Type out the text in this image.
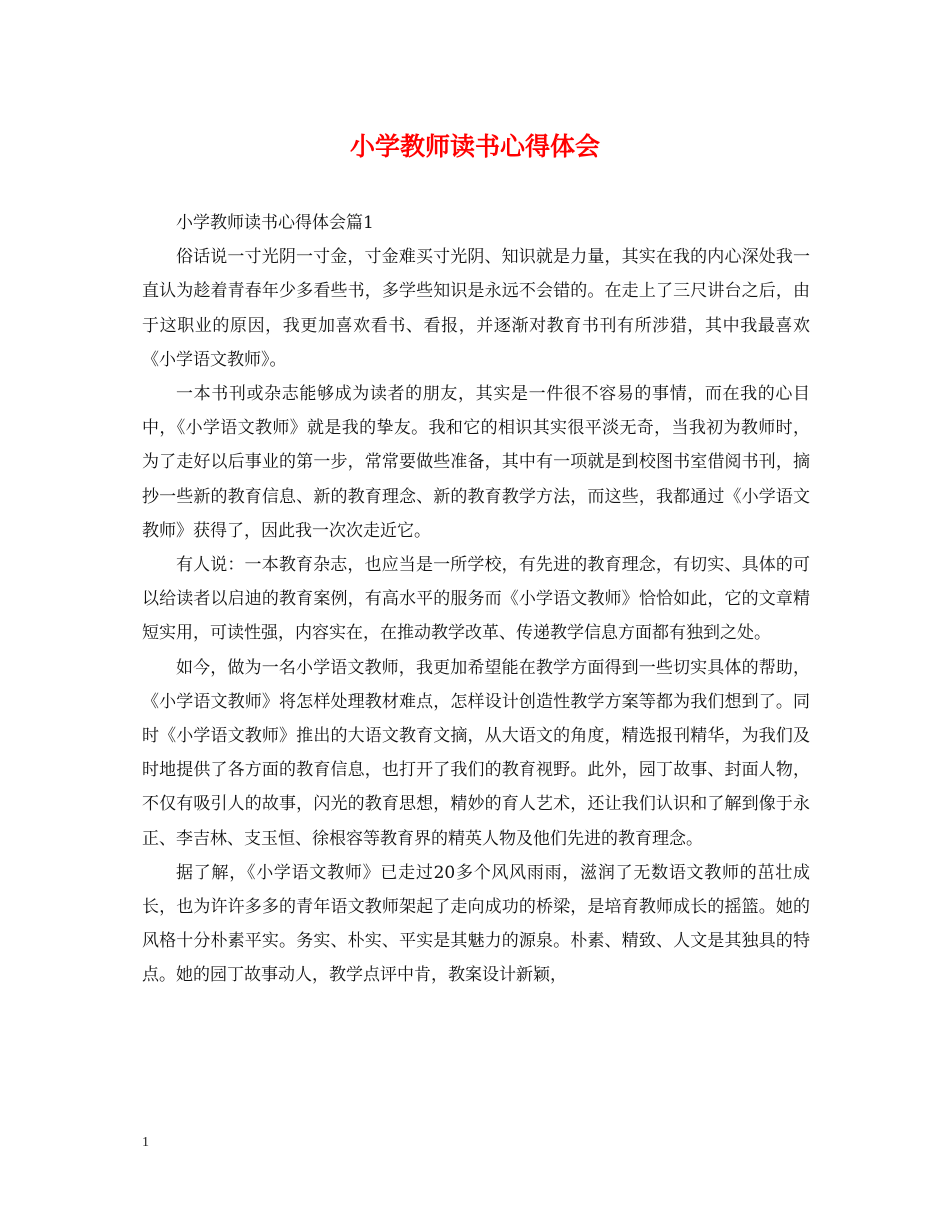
小学教师读书心得体会

小学教师读书心得体会篇1

俗话说一寸光阴一寸金，寸金难买寸光阴、知识就是力量，其实在我的内心深处我一直认为趁着青春年少多看些书，多学些知识是永远不会错的。在走上了三尺讲台之后，由于这职业的原因，我更加喜欢看书、看报，并逐渐对教育书刊有所涉猎，其中我最喜欢《小学语文教师》。

一本书刊或杂志能够成为读者的朋友，其实是一件很不容易的事情，而在我的心目中，《小学语文教师》就是我的挚友。我和它的相识其实很平淡无奇，当我初为教师时，为了走好以后事业的第一步，常常要做些准备，其中有一项就是到校图书室借阅书刊，摘抄一些新的教育信息、新的教育理念、新的教育教学方法，而这些，我都通过《小学语文教师》获得了，因此我一次次走近它。

有人说：一本教育杂志，也应当是一所学校，有先进的教育理念，有切实、具体的可以给读者以启迪的教育案例，有高水平的服务而《小学语文教师》恰恰如此，它的文章精短实用，可读性强，内容实在，在推动教学改革、传递教学信息方面都有独到之处。

如今，做为一名小学语文教师，我更加希望能在教学方面得到一些切实具体的帮助，《小学语文教师》将怎样处理教材难点，怎样设计创造性教学方案等都为我们想到了。同时《小学语文教师》推出的大语文教育文摘，从大语文的角度，精选报刊精华，为我们及时地提供了各方面的教育信息，也打开了我们的教育视野。此外，园丁故事、封面人物，不仅有吸引人的故事，闪光的教育思想，精妙的育人艺术，还让我们认识和了解到像于永正、李吉林、支玉恒、徐根容等教育界的精英人物及他们先进的教育理念。

据了解，《小学语文教师》已走过20多个风风雨雨，滋润了无数语文教师的茁壮成长，也为许许多多的青年语文教师架起了走向成功的桥梁，是培育教师成长的摇篮。她的风格十分朴素平实。务实、朴实、平实是其魅力的源泉。朴素、精致、人文是其独具的特点。她的园丁故事动人，教学点评中肯，教案设计新颖，

1
